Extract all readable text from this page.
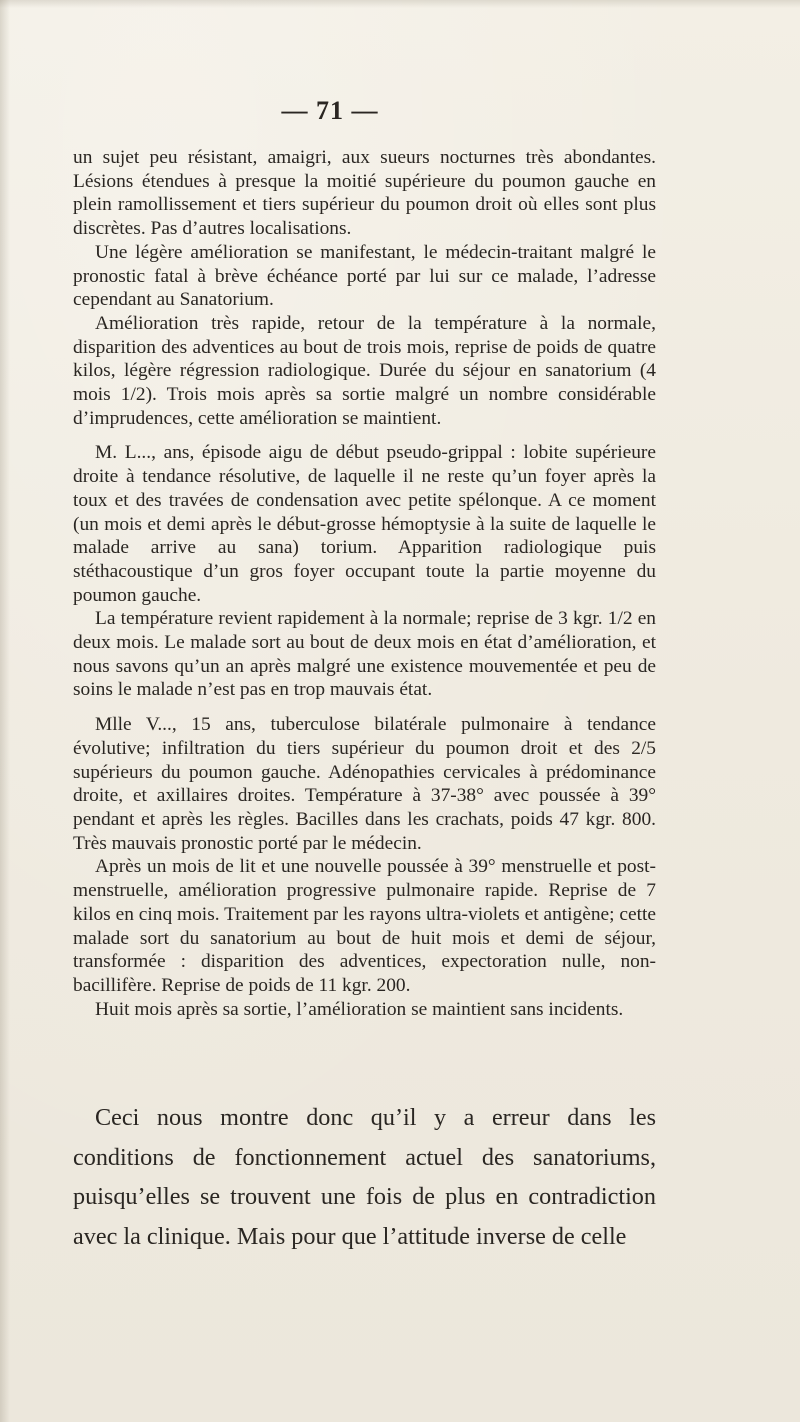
— 71 —

un sujet peu résistant, amaigri, aux sueurs nocturnes très abondantes. Lésions étendues à presque la moitié supérieure du poumon gauche en plein ramollissement et tiers supérieur du poumon droit où elles sont plus discrètes. Pas d’autres localisations.

Une légère amélioration se manifestant, le médecin-traitant malgré le pronostic fatal à brève échéance porté par lui sur ce malade, l’adresse cependant au Sanatorium.

Amélioration très rapide, retour de la température à la normale, disparition des adventices au bout de trois mois, reprise de poids de quatre kilos, légère régression radiologique. Durée du séjour en sanatorium (4 mois 1/2). Trois mois après sa sortie malgré un nombre considérable d’imprudences, cette amélioration se maintient.

M. L..., ans, épisode aigu de début pseudo-grippal : lobite supérieure droite à tendance résolutive, de laquelle il ne reste qu’un foyer après la toux et des travées de condensation avec petite spélonque. A ce moment (un mois et demi après le début-grosse hémoptysie à la suite de laquelle le malade arrive au sana) torium. Apparition radiologique puis stéthacoustique d’un gros foyer occupant toute la partie moyenne du poumon gauche.

La température revient rapidement à la normale; reprise de 3 kgr. 1/2 en deux mois. Le malade sort au bout de deux mois en état d’amélioration, et nous savons qu’un an après malgré une existence mouvementée et peu de soins le malade n’est pas en trop mauvais état.

Mlle V..., 15 ans, tuberculose bilatérale pulmonaire à tendance évolutive; infiltration du tiers supérieur du poumon droit et des 2/5 supérieurs du poumon gauche. Adénopathies cervicales à prédominance droite, et axillaires droites. Température à 37-38° avec poussée à 39° pendant et après les règles. Bacilles dans les crachats, poids 47 kgr. 800. Très mauvais pronostic porté par le médecin.

Après un mois de lit et une nouvelle poussée à 39° menstruelle et post-menstruelle, amélioration progressive pulmonaire rapide. Reprise de 7 kilos en cinq mois. Traitement par les rayons ultra-violets et antigène; cette malade sort du sanatorium au bout de huit mois et demi de séjour, transformée : disparition des adventices, expectoration nulle, non-bacillifère. Reprise de poids de 11 kgr. 200.

Huit mois après sa sortie, l’amélioration se maintient sans incidents.

Ceci nous montre donc qu’il y a erreur dans les conditions de fonctionnement actuel des sanatoriums, puisqu’elles se trouvent une fois de plus en contradiction avec la clinique. Mais pour que l’attitude inverse de celle
